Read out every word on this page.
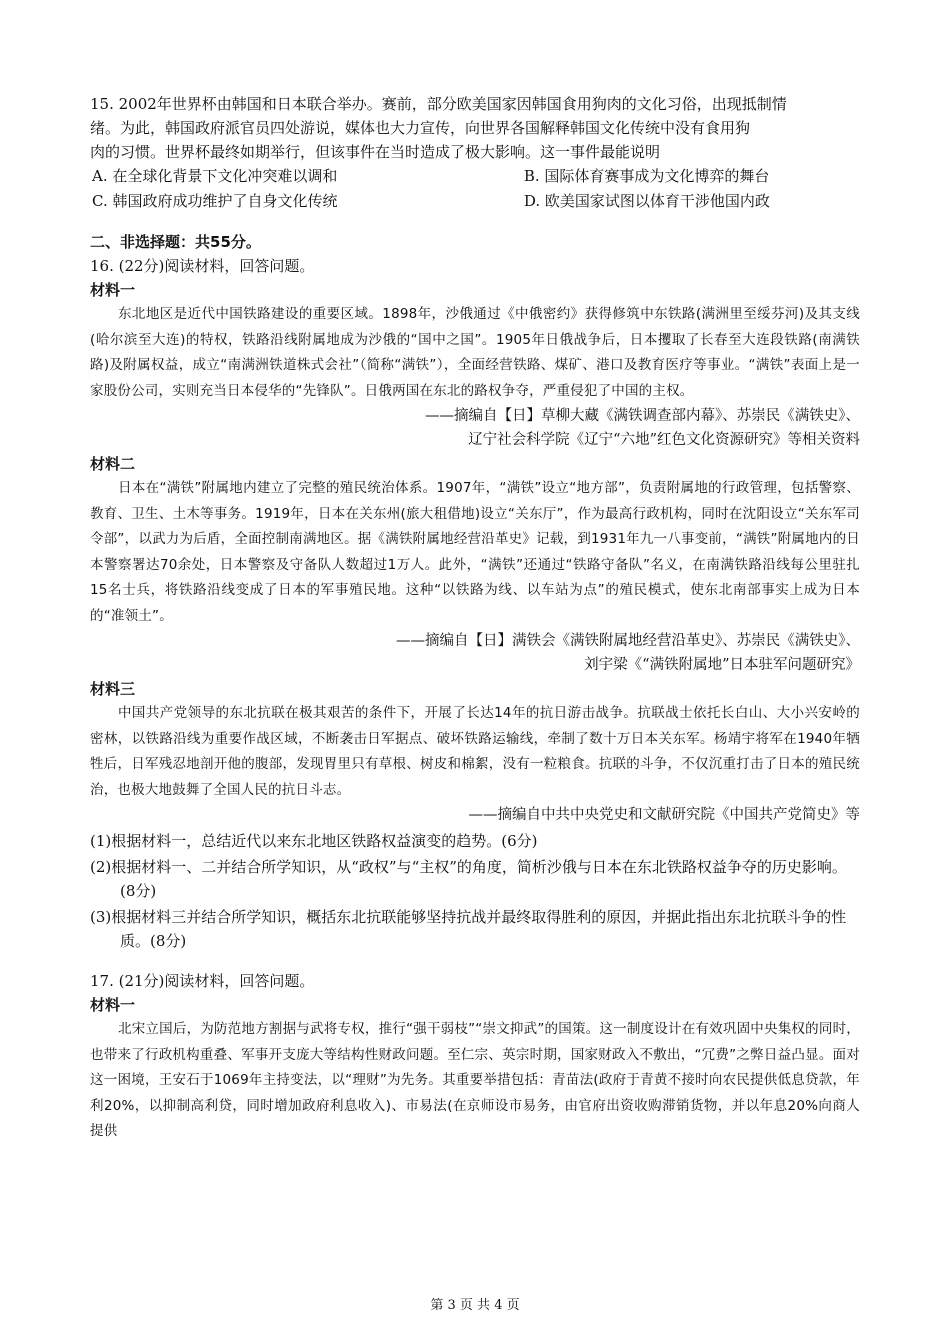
15. 2002年世界杯由韩国和日本联合举办。赛前，部分欧美国家因韩国食用狗肉的文化习俗，出现抵制情
绪。为此，韩国政府派官员四处游说，媒体也大力宣传，向世界各国解释韩国文化传统中没有食用狗
肉的习惯。世界杯最终如期举行，但该事件在当时造成了极大影响。这一事件最能说明
A. 在全球化背景下文化冲突难以调和	B. 国际体育赛事成为文化博弈的舞台
C. 韩国政府成功维护了自身文化传统	D. 欧美国家试图以体育干涉他国内政
二、非选择题：共55分。
16. (22分)阅读材料，回答问题。
材料一

东北地区是近代中国铁路建设的重要区域。1898年，沙俄通过《中俄密约》获得修筑中东铁路(满洲里至绥芬河)及其支线(哈尔滨至大连)的特权，铁路沿线附属地成为沙俄的“国中之国”。1905年日俄战争后，日本攫取了长春至大连段铁路(南满铁路)及附属权益，成立“南满洲铁道株式会社”（简称“满铁”），全面经营铁路、煤矿、港口及教育医疗等事业。“满铁”表面上是一家股份公司，实则充当日本侵华的“先锋队”。日俄两国在东北的路权争夺，严重侵犯了中国的主权。

——摘编自【日】草柳大藏《满铁调查部内幕》、苏崇民《满铁史》、
辽宁社会科学院《辽宁“六地”红色文化资源研究》等相关资料
材料二

日本在“满铁”附属地内建立了完整的殖民统治体系。1907年，“满铁”设立“地方部”，负责附属地的行政管理，包括警察、教育、卫生、土木等事务。1919年，日本在关东州(旅大租借地)设立“关东厅”，作为最高行政机构，同时在沈阳设立“关东军司令部”，以武力为后盾，全面控制南满地区。据《满铁附属地经营沿革史》记载，到1931年九一八事变前，“满铁”附属地内的日本警察署达70余处，日本警察及守备队人数超过1万人。此外，“满铁”还通过“铁路守备队”名义，在南满铁路沿线每公里驻扎15名士兵，将铁路沿线变成了日本的军事殖民地。这种“以铁路为线、以车站为点”的殖民模式，使东北南部事实上成为日本的“准领土”。

——摘编自【日】满铁会《满铁附属地经营沿革史》、苏崇民《满铁史》、
刘宇梁《“满铁附属地”日本驻军问题研究》
材料三

中国共产党领导的东北抗联在极其艰苦的条件下，开展了长达14年的抗日游击战争。抗联战士依托长白山、大小兴安岭的密林，以铁路沿线为重要作战区域，不断袭击日军据点、破坏铁路运输线，牵制了数十万日本关东军。杨靖宇将军在1940年牺牲后，日军残忍地剖开他的腹部，发现胃里只有草根、树皮和棉絮，没有一粒粮食。抗联的斗争，不仅沉重打击了日本的殖民统治，也极大地鼓舞了全国人民的抗日斗志。

——摘编自中共中央党史和文献研究院《中国共产党简史》等
(1)根据材料一，总结近代以来东北地区铁路权益演变的趋势。(6分)
(2)根据材料一、二并结合所学知识，从“政权”与“主权”的角度，简析沙俄与日本在东北铁路权益争夺的历史影响。(8分)
(3)根据材料三并结合所学知识，概括东北抗联能够坚持抗战并最终取得胜利的原因，并据此指出东北抗联斗争的性质。(8分)
17. (21分)阅读材料，回答问题。
材料一

北宋立国后，为防范地方割据与武将专权，推行“强干弱枝”“崇文抑武”的国策。这一制度设计在有效巩固中央集权的同时，也带来了行政机构重叠、军事开支庞大等结构性财政问题。至仁宗、英宗时期，国家财政入不敷出，“冗费”之弊日益凸显。面对这一困境，王安石于1069年主持变法，以“理财”为先务。其重要举措包括：青苗法(政府于青黄不接时向农民提供低息贷款，年利20%，以抑制高利贷，同时增加政府利息收入)、市易法(在京师设市易务，由官府出资收购滞销货物，并以年息20%向商人提供

第 3 页 共 4 页
